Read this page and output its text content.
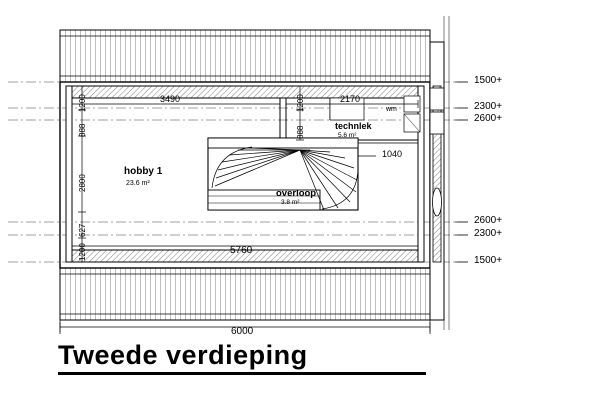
hobby 1
23.6 m²
technlek
5.6 m²
overloop
3.8 m²
wm
3490	2170
5760
6000
1040
1200
888
2800
627
1200
1200
888
1500+
2300+
2600+
2600+
2300+
1500+
Tweede verdieping
